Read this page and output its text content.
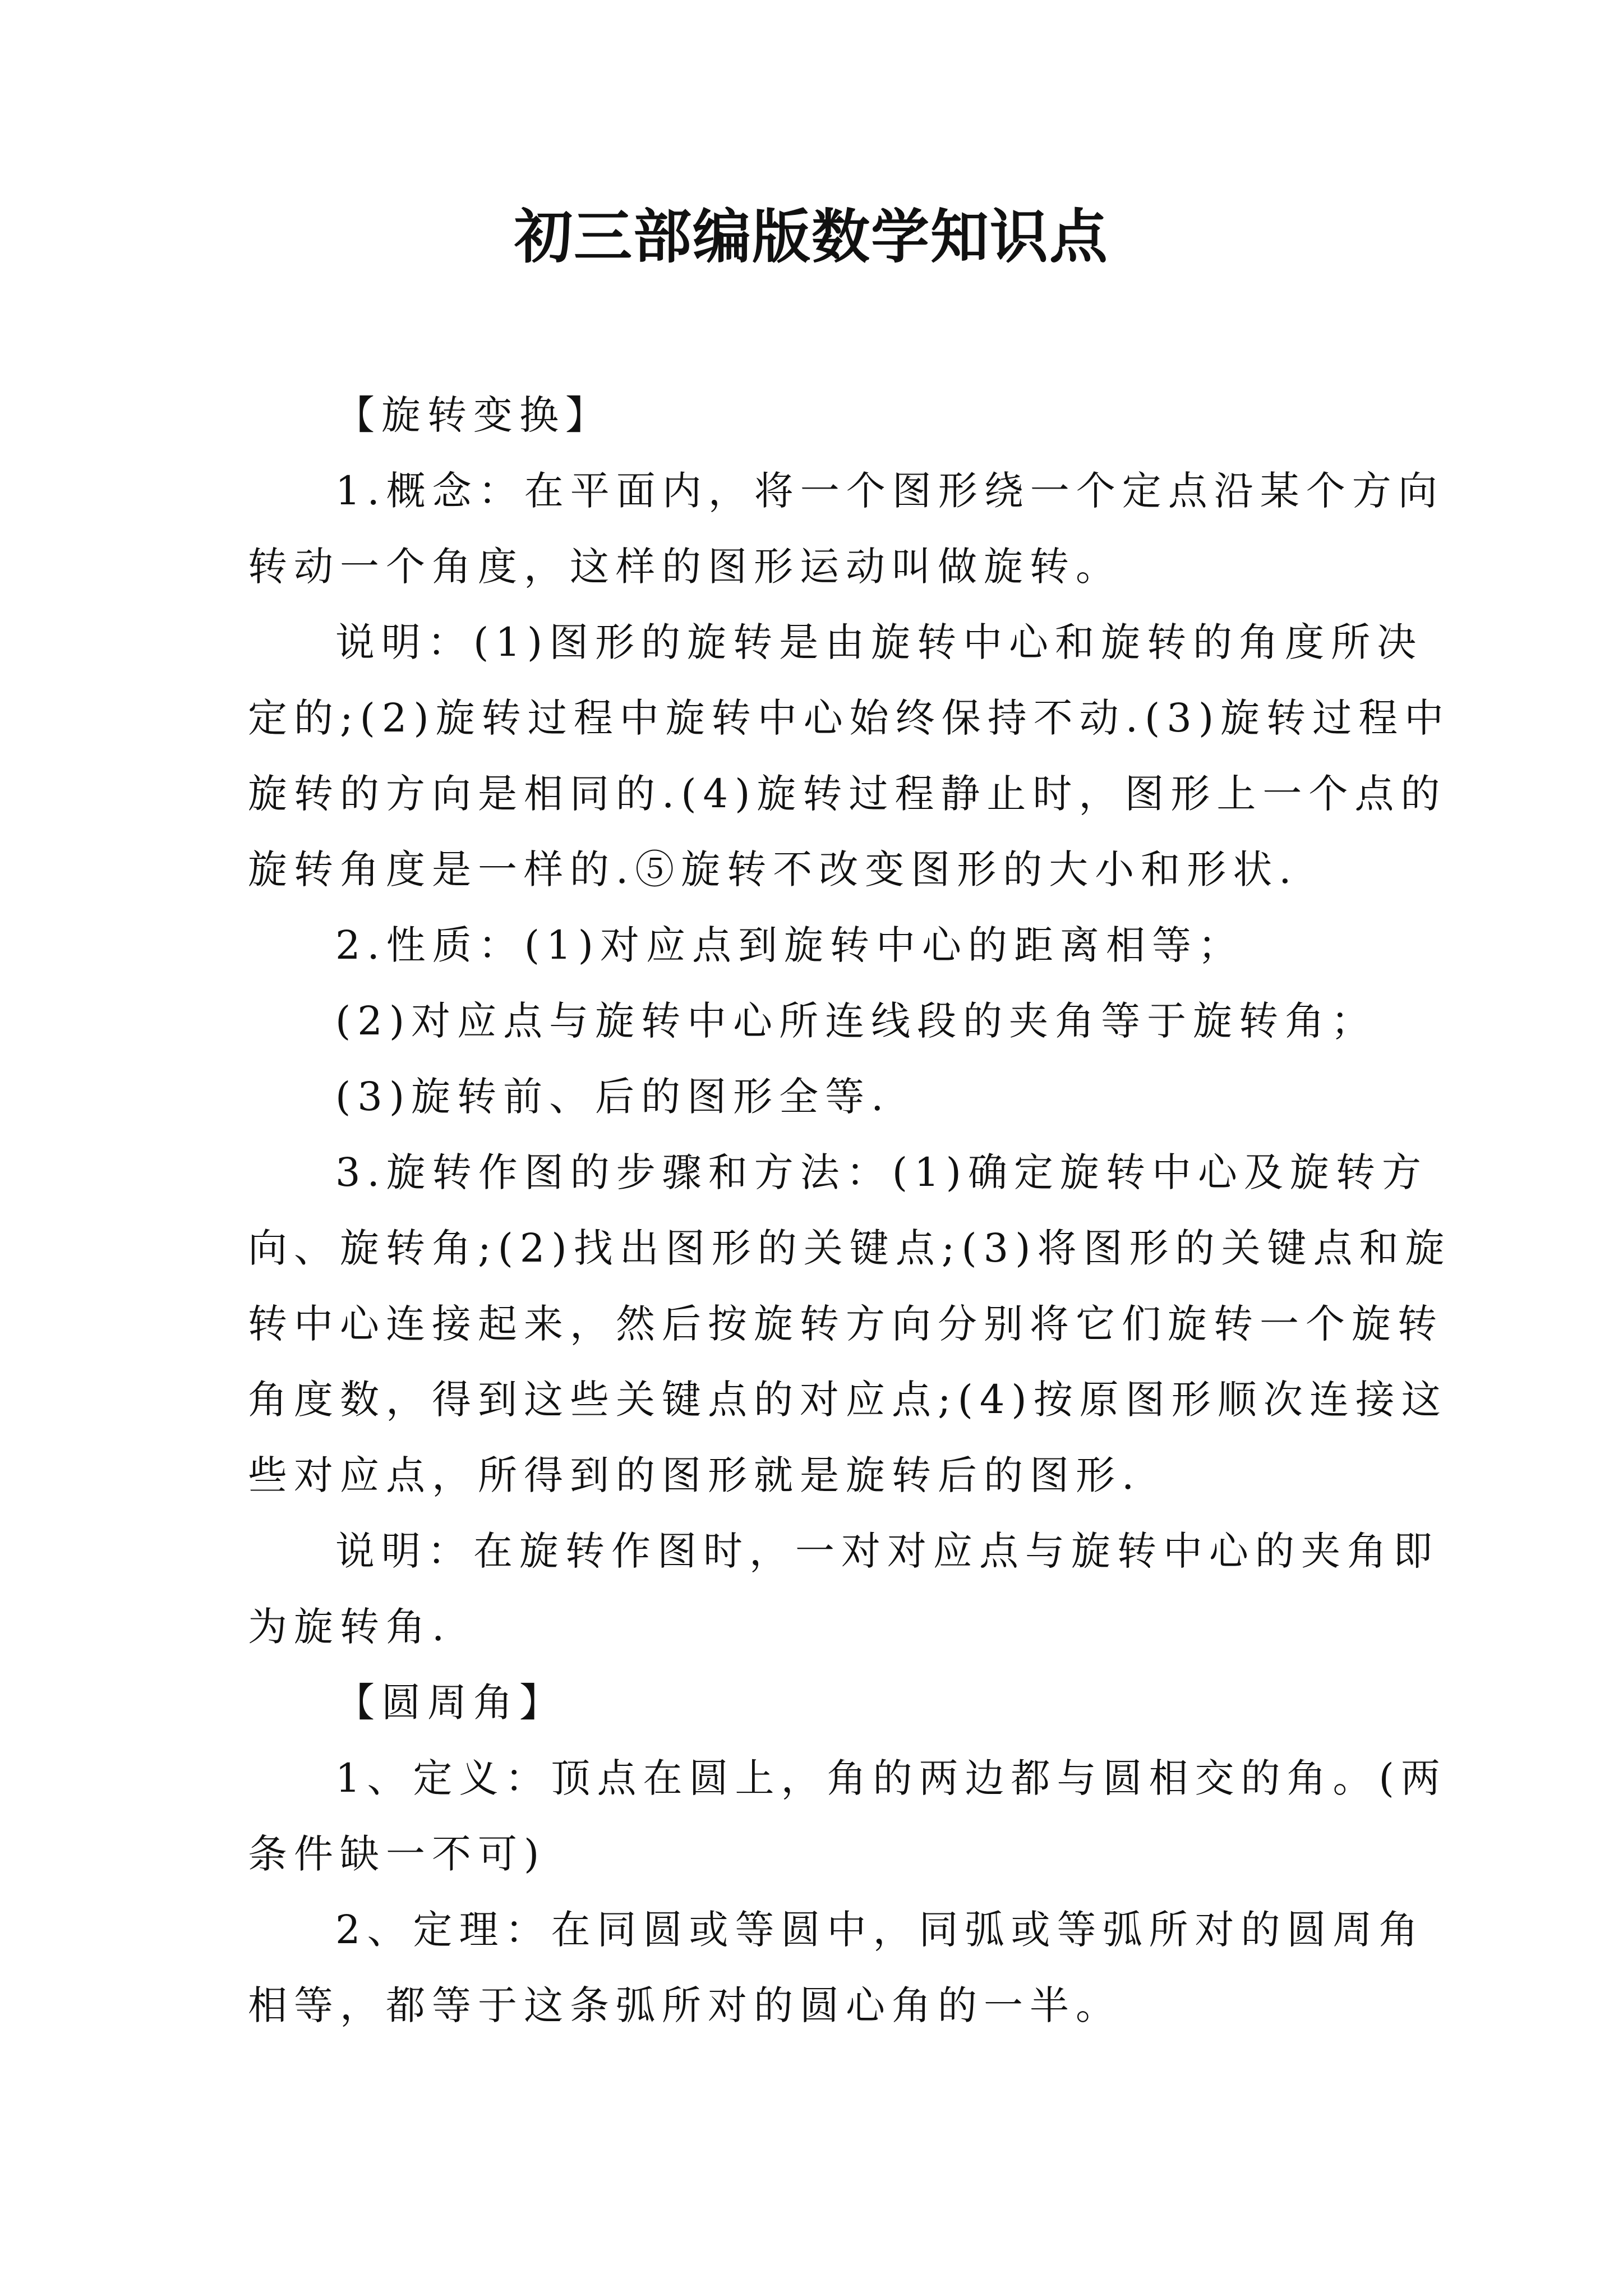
初三部编版数学知识点
【旋转变换】
1.概念：在平面内，将一个图形绕一个定点沿某个方向
转动一个角度，这样的图形运动叫做旋转。
说明：(1)图形的旋转是由旋转中心和旋转的角度所决
定的;(2)旋转过程中旋转中心始终保持不动.(3)旋转过程中
旋转的方向是相同的.(4)旋转过程静止时，图形上一个点的
旋转角度是一样的.⑤旋转不改变图形的大小和形状.
2.性质：(1)对应点到旋转中心的距离相等；
(2)对应点与旋转中心所连线段的夹角等于旋转角；
(3)旋转前、后的图形全等.
3.旋转作图的步骤和方法：(1)确定旋转中心及旋转方
向、旋转角;(2)找出图形的关键点;(3)将图形的关键点和旋
转中心连接起来，然后按旋转方向分别将它们旋转一个旋转
角度数，得到这些关键点的对应点;(4)按原图形顺次连接这
些对应点，所得到的图形就是旋转后的图形.
说明：在旋转作图时，一对对应点与旋转中心的夹角即
为旋转角.
【圆周角】
1、定义：顶点在圆上，角的两边都与圆相交的角。(两
条件缺一不可)
2、定理：在同圆或等圆中，同弧或等弧所对的圆周角
相等，都等于这条弧所对的圆心角的一半。
